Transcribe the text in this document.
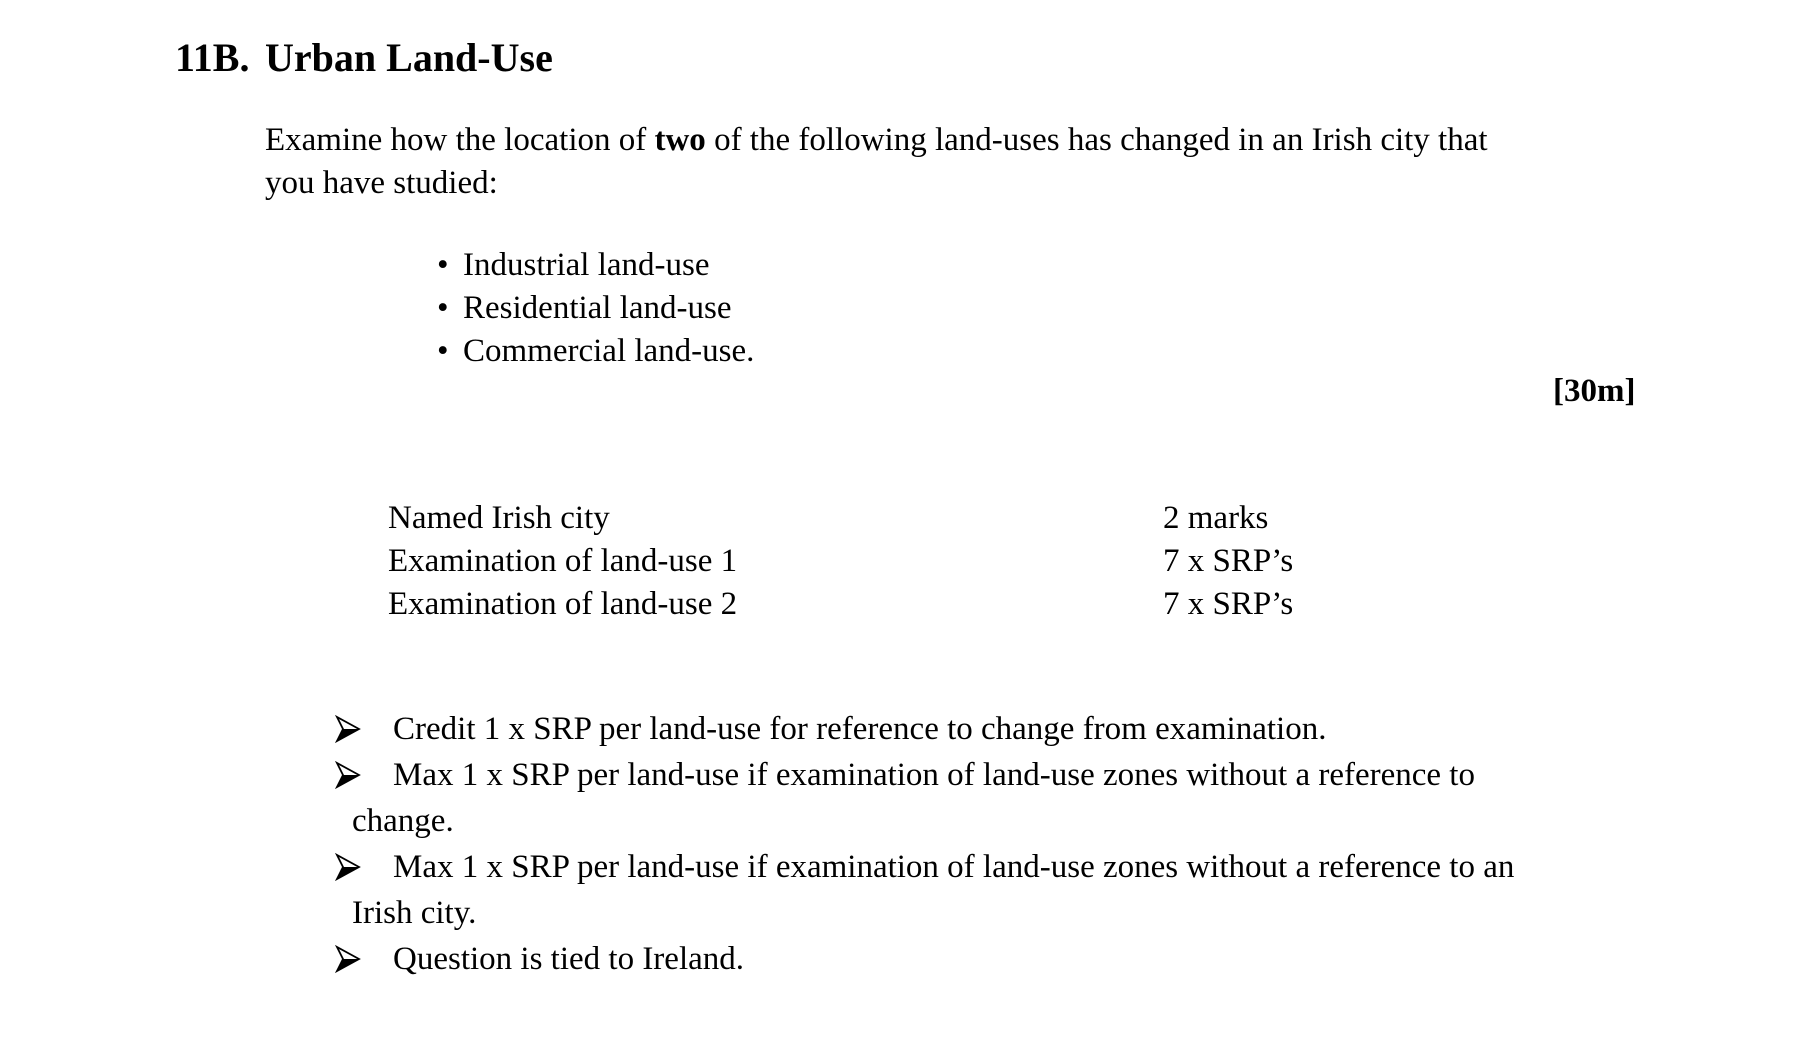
11B. Urban Land-Use
Examine how the location of two of the following land-uses has changed in an Irish city that
you have studied:
• Industrial land-use
• Residential land-use
• Commercial land-use.
[30m]
Named Irish city	2 marks
Examination of land-use 1	7 x SRP’s
Examination of land-use 2	7 x SRP’s
Credit 1 x SRP per land-use for reference to change from examination.
Max 1 x SRP per land-use if examination of land-use zones without a reference to
change.
Max 1 x SRP per land-use if examination of land-use zones without a reference to an
Irish city.
Question is tied to Ireland.
